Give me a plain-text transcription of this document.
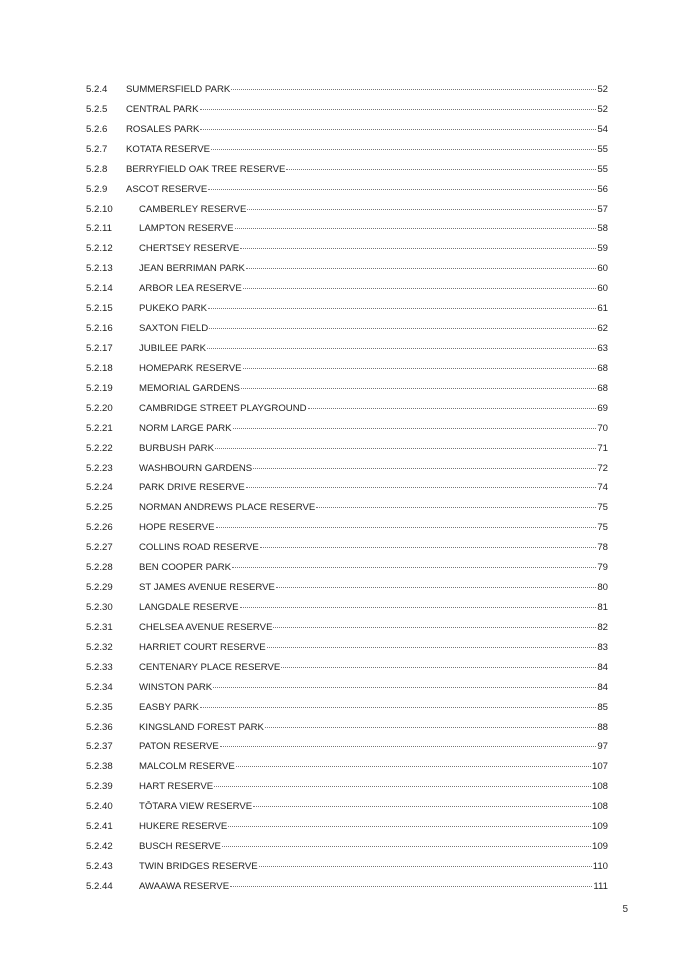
5.2.4	SUMMERSFIELD PARK	52
5.2.5	CENTRAL PARK	52
5.2.6	ROSALES PARK	54
5.2.7	KOTATA RESERVE	55
5.2.8	BERRYFIELD OAK TREE RESERVE	55
5.2.9	ASCOT RESERVE	56
5.2.10	CAMBERLEY RESERVE	57
5.2.11	LAMPTON RESERVE	58
5.2.12	CHERTSEY RESERVE	59
5.2.13	JEAN BERRIMAN PARK	60
5.2.14	ARBOR LEA RESERVE	60
5.2.15	PUKEKO PARK	61
5.2.16	SAXTON FIELD	62
5.2.17	JUBILEE PARK	63
5.2.18	HOMEPARK RESERVE	68
5.2.19	MEMORIAL GARDENS	68
5.2.20	CAMBRIDGE STREET PLAYGROUND	69
5.2.21	NORM LARGE PARK	70
5.2.22	BURBUSH PARK	71
5.2.23	WASHBOURN GARDENS	72
5.2.24	PARK DRIVE RESERVE	74
5.2.25	NORMAN ANDREWS PLACE RESERVE	75
5.2.26	HOPE RESERVE	75
5.2.27	COLLINS ROAD RESERVE	78
5.2.28	BEN COOPER PARK	79
5.2.29	ST JAMES AVENUE RESERVE	80
5.2.30	LANGDALE RESERVE	81
5.2.31	CHELSEA AVENUE RESERVE	82
5.2.32	HARRIET COURT RESERVE	83
5.2.33	CENTENARY PLACE RESERVE	84
5.2.34	WINSTON PARK	84
5.2.35	EASBY PARK	85
5.2.36	KINGSLAND FOREST PARK	88
5.2.37	PATON RESERVE	97
5.2.38	MALCOLM RESERVE	107
5.2.39	HART RESERVE	108
5.2.40	TŌTARA VIEW RESERVE	108
5.2.41	HUKERE RESERVE	109
5.2.42	BUSCH RESERVE	109
5.2.43	TWIN BRIDGES RESERVE	110
5.2.44	AWAAWA RESERVE	111
5
